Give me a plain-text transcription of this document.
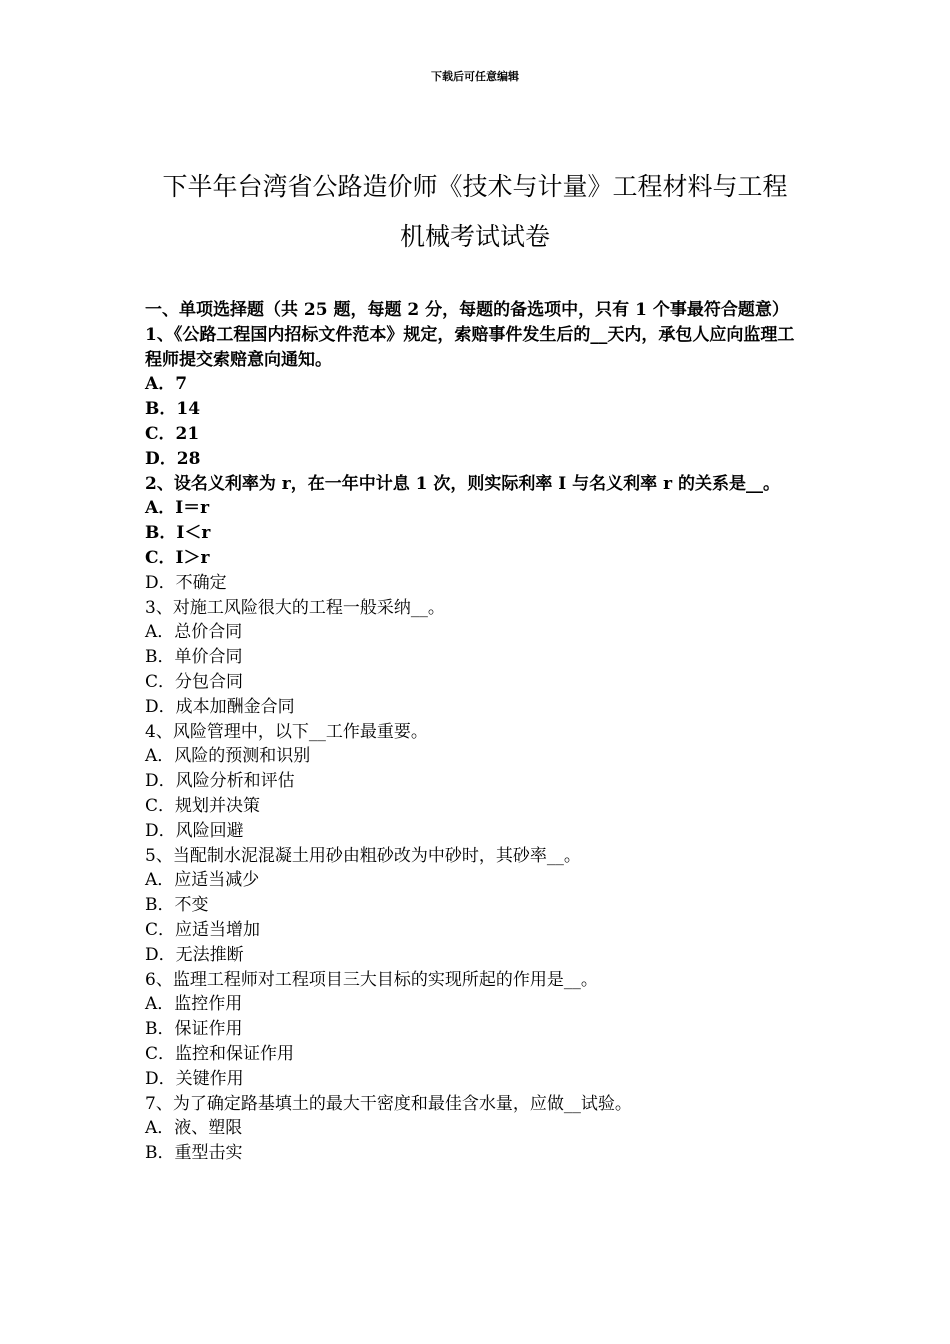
下载后可任意编辑
下半年台湾省公路造价师《技术与计量》工程材料与工程
机械考试试卷

一、单项选择题（共 25 题，每题 2 分，每题的备选项中，只有 1 个事最符合题意）

1、《公路工程国内招标文件范本》规定，索赔事件发生后的__天内，承包人应向监理工程师提交索赔意向通知。

A．7

B．14

C．21

D．28

2、设名义利率为 r，在一年中计息 1 次，则实际利率 I 与名义利率 r 的关系是__。

A．I＝r

B．I＜r

C．I＞r

D．不确定

3、对施工风险很大的工程一般采纳__。

A．总价合同

B．单价合同

C．分包合同

D．成本加酬金合同

4、风险管理中，以下__工作最重要。

A．风险的预测和识别

D．风险分析和评估

C．规划并决策

D．风险回避

5、当配制水泥混凝土用砂由粗砂改为中砂时，其砂率__。

A．应适当减少

B．不变

C．应适当增加

D．无法推断

6、监理工程师对工程项目三大目标的实现所起的作用是__。

A．监控作用

B．保证作用

C．监控和保证作用

D．关键作用

7、为了确定路基填土的最大干密度和最佳含水量，应做__试验。

A．液、塑限

B．重型击实
